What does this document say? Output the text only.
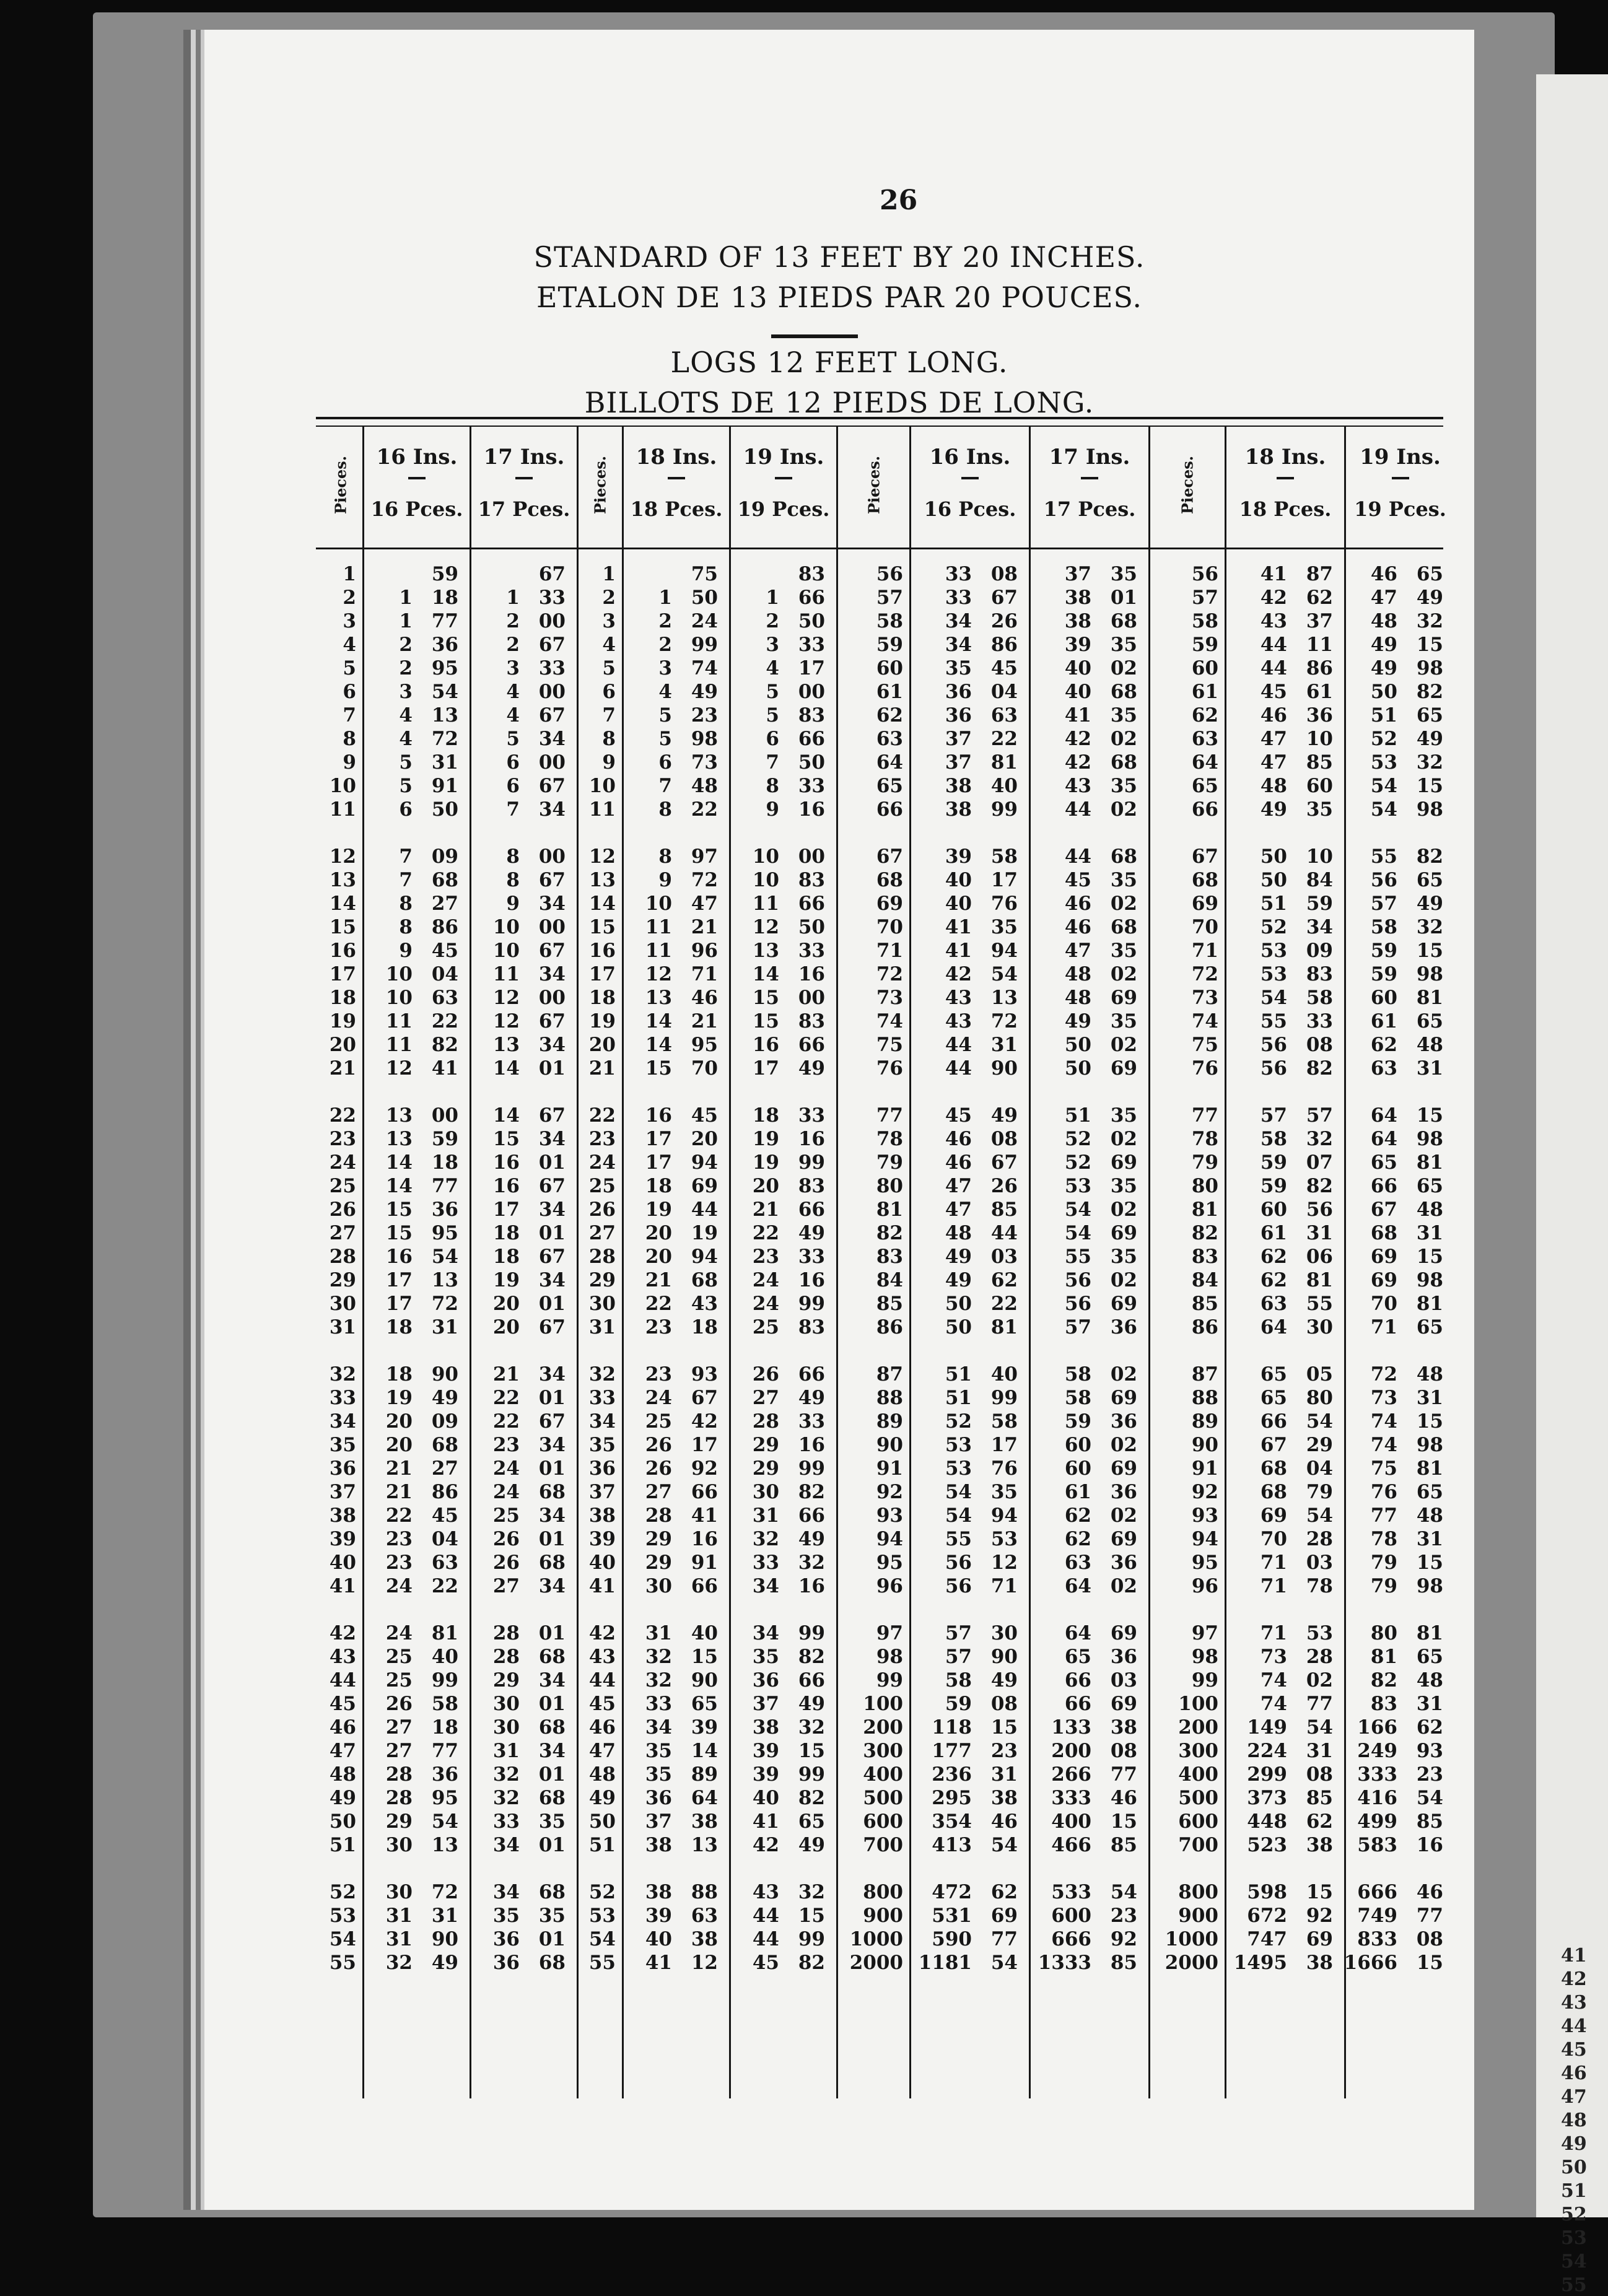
41
42
43
44
45
46
47
48
49
50
51
52
53
54
55
26
STANDARD OF 13 FEET BY 20 INCHES.
ETALON DE 13 PIEDS PAR 20 POUCES.
LOGS 12 FEET LONG.
BILLOTS DE 12 PIEDS DE LONG.
Pieces.
1
2
3
4
5
6
7
8
9
10
11
12
13
14
15
16
17
18
19
20
21
22
23
24
25
26
27
28
29
30
31
32
33
34
35
36
37
38
39
40
41
42
43
44
45
46
47
48
49
50
51
52
53
54
55
16 Ins.
16 Pces.
59
1 18
1 77
2 36
2 95
3 54
4 13
4 72
5 31
5 91
6 50
7 09
7 68
8 27
8 86
9 45
10 04
10 63
11 22
11 82
12 41
13 00
13 59
14 18
14 77
15 36
15 95
16 54
17 13
17 72
18 31
18 90
19 49
20 09
20 68
21 27
21 86
22 45
23 04
23 63
24 22
24 81
25 40
25 99
26 58
27 18
27 77
28 36
28 95
29 54
30 13
30 72
31 31
31 90
32 49
17 Ins.
17 Pces.
67
1 33
2 00
2 67
3 33
4 00
4 67
5 34
6 00
6 67
7 34
8 00
8 67
9 34
10 00
10 67
11 34
12 00
12 67
13 34
14 01
14 67
15 34
16 01
16 67
17 34
18 01
18 67
19 34
20 01
20 67
21 34
22 01
22 67
23 34
24 01
24 68
25 34
26 01
26 68
27 34
28 01
28 68
29 34
30 01
30 68
31 34
32 01
32 68
33 35
34 01
34 68
35 35
36 01
36 68
Pieces.
1
2
3
4
5
6
7
8
9
10
11
12
13
14
15
16
17
18
19
20
21
22
23
24
25
26
27
28
29
30
31
32
33
34
35
36
37
38
39
40
41
42
43
44
45
46
47
48
49
50
51
52
53
54
55
18 Ins.
18 Pces.
75
1 50
2 24
2 99
3 74
4 49
5 23
5 98
6 73
7 48
8 22
8 97
9 72
10 47
11 21
11 96
12 71
13 46
14 21
14 95
15 70
16 45
17 20
17 94
18 69
19 44
20 19
20 94
21 68
22 43
23 18
23 93
24 67
25 42
26 17
26 92
27 66
28 41
29 16
29 91
30 66
31 40
32 15
32 90
33 65
34 39
35 14
35 89
36 64
37 38
38 13
38 88
39 63
40 38
41 12
19 Ins.
19 Pces.
83
1 66
2 50
3 33
4 17
5 00
5 83
6 66
7 50
8 33
9 16
10 00
10 83
11 66
12 50
13 33
14 16
15 00
15 83
16 66
17 49
18 33
19 16
19 99
20 83
21 66
22 49
23 33
24 16
24 99
25 83
26 66
27 49
28 33
29 16
29 99
30 82
31 66
32 49
33 32
34 16
34 99
35 82
36 66
37 49
38 32
39 15
39 99
40 82
41 65
42 49
43 32
44 15
44 99
45 82
Pieces.
56
57
58
59
60
61
62
63
64
65
66
67
68
69
70
71
72
73
74
75
76
77
78
79
80
81
82
83
84
85
86
87
88
89
90
91
92
93
94
95
96
97
98
99
100
200
300
400
500
600
700
800
900
1000
2000
16 Ins.
16 Pces.
33 08
33 67
34 26
34 86
35 45
36 04
36 63
37 22
37 81
38 40
38 99
39 58
40 17
40 76
41 35
41 94
42 54
43 13
43 72
44 31
44 90
45 49
46 08
46 67
47 26
47 85
48 44
49 03
49 62
50 22
50 81
51 40
51 99
52 58
53 17
53 76
54 35
54 94
55 53
56 12
56 71
57 30
57 90
58 49
59 08
118 15
177 23
236 31
295 38
354 46
413 54
472 62
531 69
590 77
1181 54
17 Ins.
17 Pces.
37 35
38 01
38 68
39 35
40 02
40 68
41 35
42 02
42 68
43 35
44 02
44 68
45 35
46 02
46 68
47 35
48 02
48 69
49 35
50 02
50 69
51 35
52 02
52 69
53 35
54 02
54 69
55 35
56 02
56 69
57 36
58 02
58 69
59 36
60 02
60 69
61 36
62 02
62 69
63 36
64 02
64 69
65 36
66 03
66 69
133 38
200 08
266 77
333 46
400 15
466 85
533 54
600 23
666 92
1333 85
Pieces.
56
57
58
59
60
61
62
63
64
65
66
67
68
69
70
71
72
73
74
75
76
77
78
79
80
81
82
83
84
85
86
87
88
89
90
91
92
93
94
95
96
97
98
99
100
200
300
400
500
600
700
800
900
1000
2000
18 Ins.
18 Pces.
41 87
42 62
43 37
44 11
44 86
45 61
46 36
47 10
47 85
48 60
49 35
50 10
50 84
51 59
52 34
53 09
53 83
54 58
55 33
56 08
56 82
57 57
58 32
59 07
59 82
60 56
61 31
62 06
62 81
63 55
64 30
65 05
65 80
66 54
67 29
68 04
68 79
69 54
70 28
71 03
71 78
71 53
73 28
74 02
74 77
149 54
224 31
299 08
373 85
448 62
523 38
598 15
672 92
747 69
1495 38
19 Ins.
19 Pces.
46 65
47 49
48 32
49 15
49 98
50 82
51 65
52 49
53 32
54 15
54 98
55 82
56 65
57 49
58 32
59 15
59 98
60 81
61 65
62 48
63 31
64 15
64 98
65 81
66 65
67 48
68 31
69 15
69 98
70 81
71 65
72 48
73 31
74 15
74 98
75 81
76 65
77 48
78 31
79 15
79 98
80 81
81 65
82 48
83 31
166 62
249 93
333 23
416 54
499 85
583 16
666 46
749 77
833 08
1666 15
